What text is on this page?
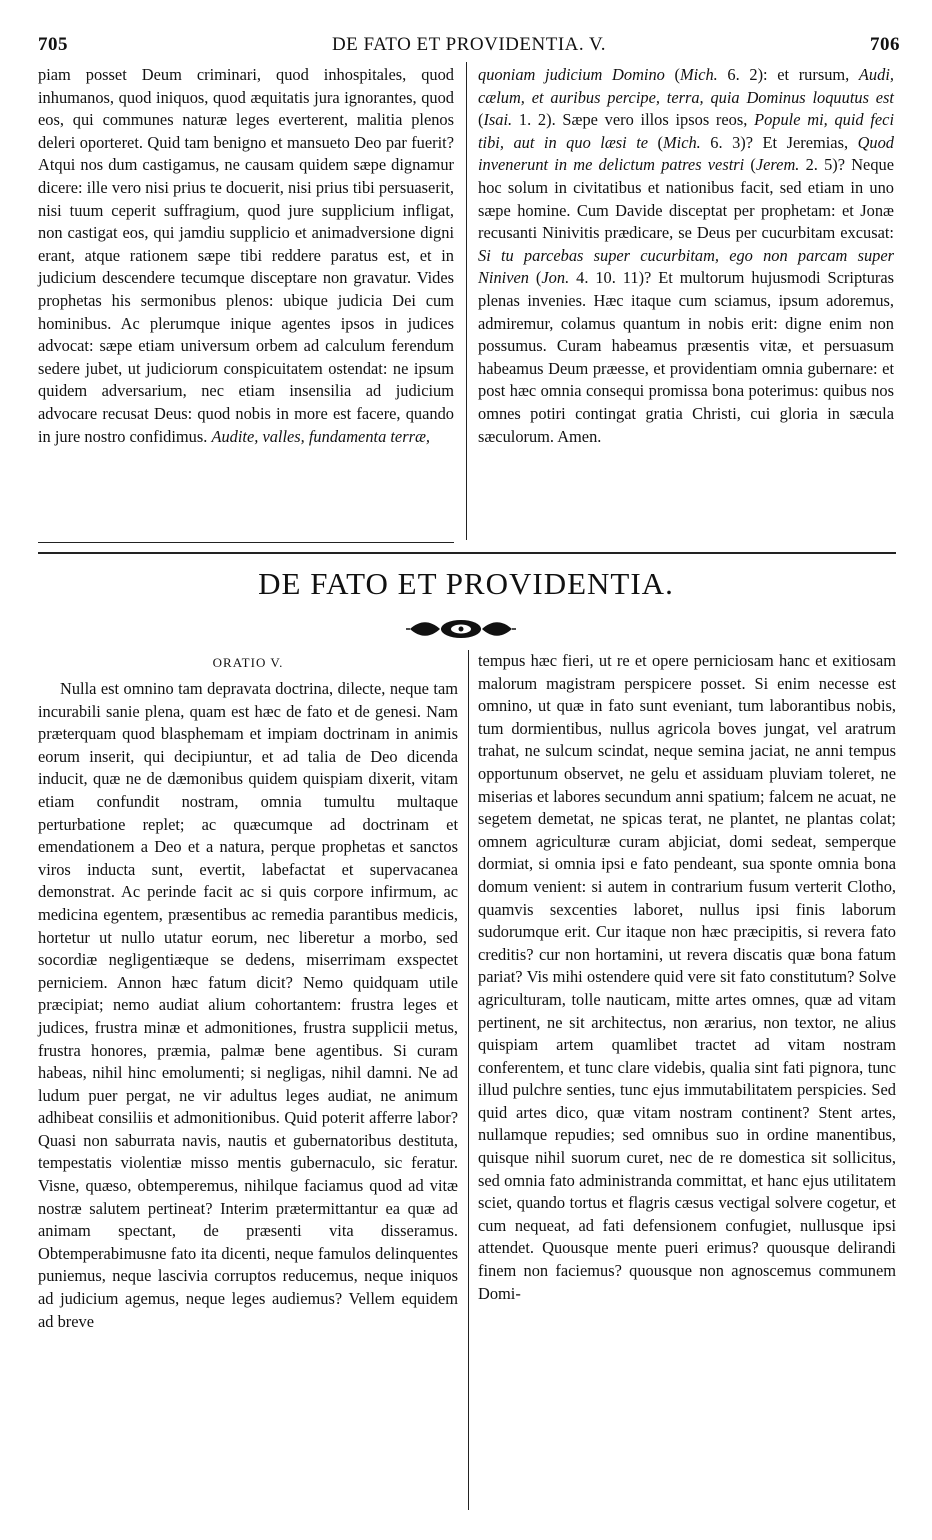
705	DE FATO ET PROVIDENTIA. V.	706

piam posset Deum criminari, quod inhospitales, quod inhumanos, quod iniquos, quod æquitatis jura ignorantes, quod eos, qui communes naturæ leges everterent, malitia plenos deleri oporteret. Quid tam benigno et mansueto Deo par fuerit? Atqui nos dum castigamus, ne causam quidem sæpe dignamur dicere: ille vero nisi prius te docuerit, nisi prius tibi persuaserit, nisi tuum ceperit suffragium, quod jure supplicium infligat, non castigat eos, qui jamdiu supplicio et animadversione digni erant, atque rationem sæpe tibi reddere paratus est, et in judicium descendere tecumque disceptare non gravatur. Vides prophetas his sermonibus plenos: ubique judicia Dei cum hominibus. Ac plerumque inique agentes ipsos in judices advocat: sæpe etiam universum orbem ad calculum ferendum sedere jubet, ut judiciorum conspicuitatem ostendat: ne ipsum quidem adversarium, nec etiam insensilia ad judicium advocare recusat Deus: quod nobis in more est facere, quando in jure nostro confidimus. Audite, valles, fundamenta terræ,

quoniam judicium Domino (Mich. 6. 2): et rursum, Audi, cælum, et auribus percipe, terra, quia Dominus loquutus est (Isai. 1. 2). Sæpe vero illos ipsos reos, Popule mi, quid feci tibi, aut in quo læsi te (Mich. 6. 3)? Et Jeremias, Quod invenerunt in me delictum patres vestri (Jerem. 2. 5)? Neque hoc solum in civitatibus et nationibus facit, sed etiam in uno sæpe homine. Cum Davide disceptat per prophetam: et Jonæ recusanti Ninivitis prædicare, se Deus per cucurbitam excusat: Si tu parcebas super cucurbitam, ego non parcam super Niniven (Jon. 4. 10. 11)? Et multorum hujusmodi Scripturas plenas invenies. Hæc itaque cum sciamus, ipsum adoremus, admiremur, colamus quantum in nobis erit: digne enim non possumus. Curam habeamus præsentis vitæ, et persuasum habeamus Deum præesse, et providentiam omnia gubernare: et post hæc omnia consequi promissa bona poterimus: quibus nos omnes potiri contingat gratia Christi, cui gloria in sæcula sæculorum. Amen.

DE FATO ET PROVIDENTIA.
ORATIO V.

Nulla est omnino tam depravata doctrina, dilecte, neque tam incurabili sanie plena, quam est hæc de fato et de genesi. Nam præterquam quod blasphemam et impiam doctrinam in animis eorum inserit, qui decipiuntur, et ad talia de Deo dicenda inducit, quæ ne de dæmonibus quidem quispiam dixerit, vitam etiam confundit nostram, omnia tumultu multaque perturbatione replet; ac quæcumque ad doctrinam et emendationem a Deo et a natura, perque prophetas et sanctos viros inducta sunt, evertit, labefactat et supervacanea demonstrat. Ac perinde facit ac si quis corpore infirmum, ac medicina egentem, præsentibus ac remedia parantibus medicis, hortetur ut nullo utatur eorum, nec liberetur a morbo, sed socordiæ negligentiæque se dedens, miserrimam exspectet perniciem. Annon hæc fatum dicit? Nemo quidquam utile præcipiat; nemo audiat alium cohortantem: frustra leges et judices, frustra minæ et admonitiones, frustra supplicii metus, frustra honores, præmia, palmæ bene agentibus. Si curam habeas, nihil hinc emolumenti; si negligas, nihil damni. Ne ad ludum puer pergat, ne vir adultus leges audiat, ne animum adhibeat consiliis et admonitionibus. Quid poterit afferre labor? Quasi non saburrata navis, nautis et gubernatoribus destituta, tempestatis violentiæ misso mentis gubernaculo, sic feratur. Visne, quæso, obtemperemus, nihilque faciamus quod ad vitæ nostræ salutem pertineat? Interim prætermittantur ea quæ ad animam spectant, de præsenti vita disseramus. Obtemperabimusne fato ita dicenti, neque famulos delinquentes puniemus, neque lascivia corruptos reducemus, neque iniquos ad judicium agemus, neque leges audiemus? Vellem equidem ad breve

tempus hæc fieri, ut re et opere perniciosam hanc et exitiosam malorum magistram perspicere posset. Si enim necesse est omnino, ut quæ in fato sunt eveniant, tum laborantibus nobis, tum dormientibus, nullus agricola boves jungat, vel aratrum trahat, ne sulcum scindat, neque semina jaciat, ne anni tempus opportunum observet, ne gelu et assiduam pluviam toleret, ne miserias et labores secundum anni spatium; falcem ne acuat, ne segetem demetat, ne spicas terat, ne plantet, ne plantas colat; omnem agriculturæ curam abjiciat, domi sedeat, semperque dormiat, si omnia ipsi e fato pendeant, sua sponte omnia bona domum venient: si autem in contrarium fusum verterit Clotho, quamvis sexcenties laboret, nullus ipsi finis laborum sudorumque erit. Cur itaque non hæc præcipitis, si revera fato creditis? cur non hortamini, ut revera discatis quæ bona fatum pariat? Vis mihi ostendere quid vere sit fato constitutum? Solve agriculturam, tolle nauticam, mitte artes omnes, quæ ad vitam pertinent, ne sit architectus, non ærarius, non textor, ne alius quispiam artem quamlibet tractet ad vitam nostram conferentem, et tunc clare videbis, qualia sint fati pignora, tunc illud pulchre senties, tunc ejus immutabilitatem perspicies. Sed quid artes dico, quæ vitam nostram continent? Stent artes, nullamque repudies; sed omnibus suo in ordine manentibus, quisque nihil suorum curet, nec de re domestica sit sollicitus, sed omnia fato administranda committat, et hanc ejus utilitatem sciet, quando tortus et flagris cæsus vectigal solvere cogetur, et cum nequeat, ad fati defensionem confugiet, nullusque ipsi attendet. Quousque mente pueri erimus? quousque delirandi finem non faciemus? quousque non agnoscemus communem Domi-
